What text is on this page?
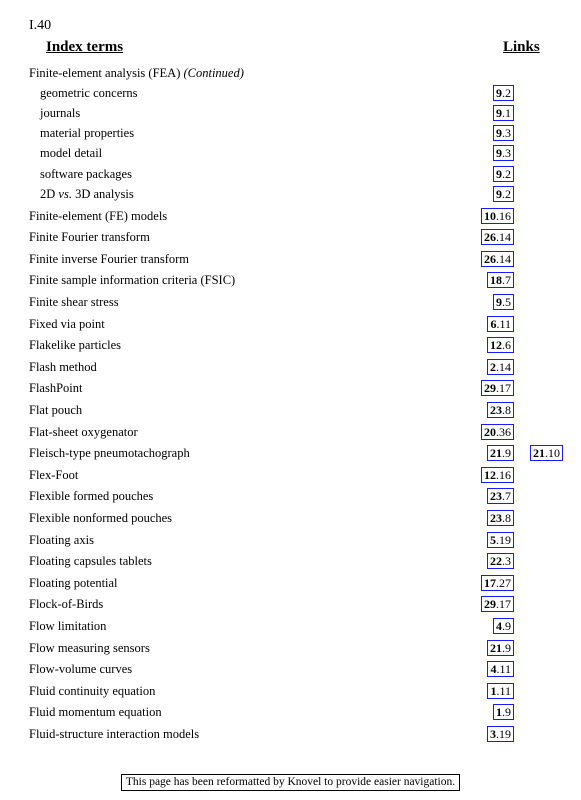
I.40
Index terms	Links
Finite-element analysis (FEA) (Continued)
geometric concerns	9.2
journals	9.1
material properties	9.3
model detail	9.3
software packages	9.2
2D vs. 3D analysis	9.2
Finite-element (FE) models	10.16
Finite Fourier transform	26.14
Finite inverse Fourier transform	26.14
Finite sample information criteria (FSIC)	18.7
Finite shear stress	9.5
Fixed via point	6.11
Flakelike particles	12.6
Flash method	2.14
FlashPoint	29.17
Flat pouch	23.8
Flat-sheet oxygenator	20.36
Fleisch-type pneumotachograph	21.9 21.10
Flex-Foot	12.16
Flexible formed pouches	23.7
Flexible nonformed pouches	23.8
Floating axis	5.19
Floating capsules tablets	22.3
Floating potential	17.27
Flock-of-Birds	29.17
Flow limitation	4.9
Flow measuring sensors	21.9
Flow-volume curves	4.11
Fluid continuity equation	1.11
Fluid momentum equation	1.9
Fluid-structure interaction models	3.19
This page has been reformatted by Knovel to provide easier navigation.
